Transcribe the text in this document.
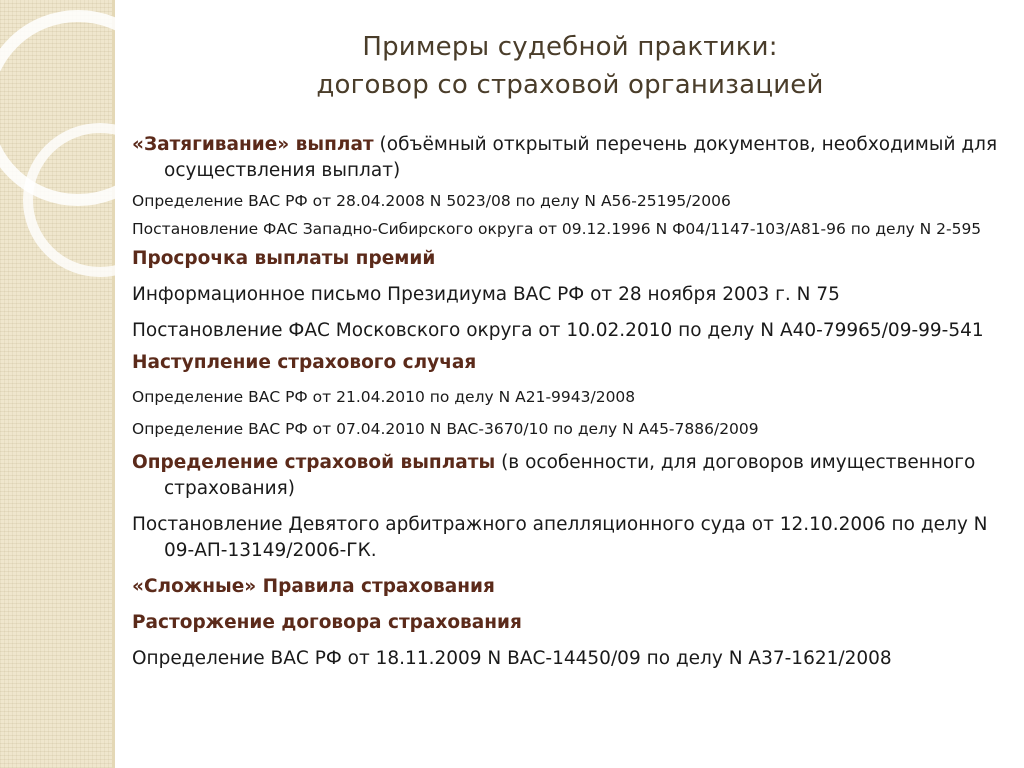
Примеры судебной практики:
договор со страховой организацией

«Затягивание» выплат (объёмный открытый перечень документов, необходимый для осуществления выплат)

Определение ВАС РФ от 28.04.2008 N 5023/08 по делу N А56-25195/2006

Постановление ФАС Западно-Сибирского округа от 09.12.1996 N Ф04/1147-103/А81-96 по делу N 2-595

Просрочка выплаты премий

Информационное письмо Президиума ВАС РФ от 28 ноября 2003 г. N 75

Постановление ФАС Московского округа от 10.02.2010 по делу N А40-79965/09-99-541

Наступление страхового случая

Определение ВАС РФ от 21.04.2010 по делу N А21-9943/2008

Определение ВАС РФ от 07.04.2010 N ВАС-3670/10 по делу N А45-7886/2009

Определение страховой выплаты (в особенности, для договоров имущественного страхования)

Постановление Девятого арбитражного апелляционного суда от 12.10.2006 по делу N 09-АП-13149/2006-ГК.

«Сложные» Правила страхования

Расторжение договора страхования

Определение ВАС РФ от 18.11.2009 N ВАС-14450/09 по делу N А37-1621/2008
